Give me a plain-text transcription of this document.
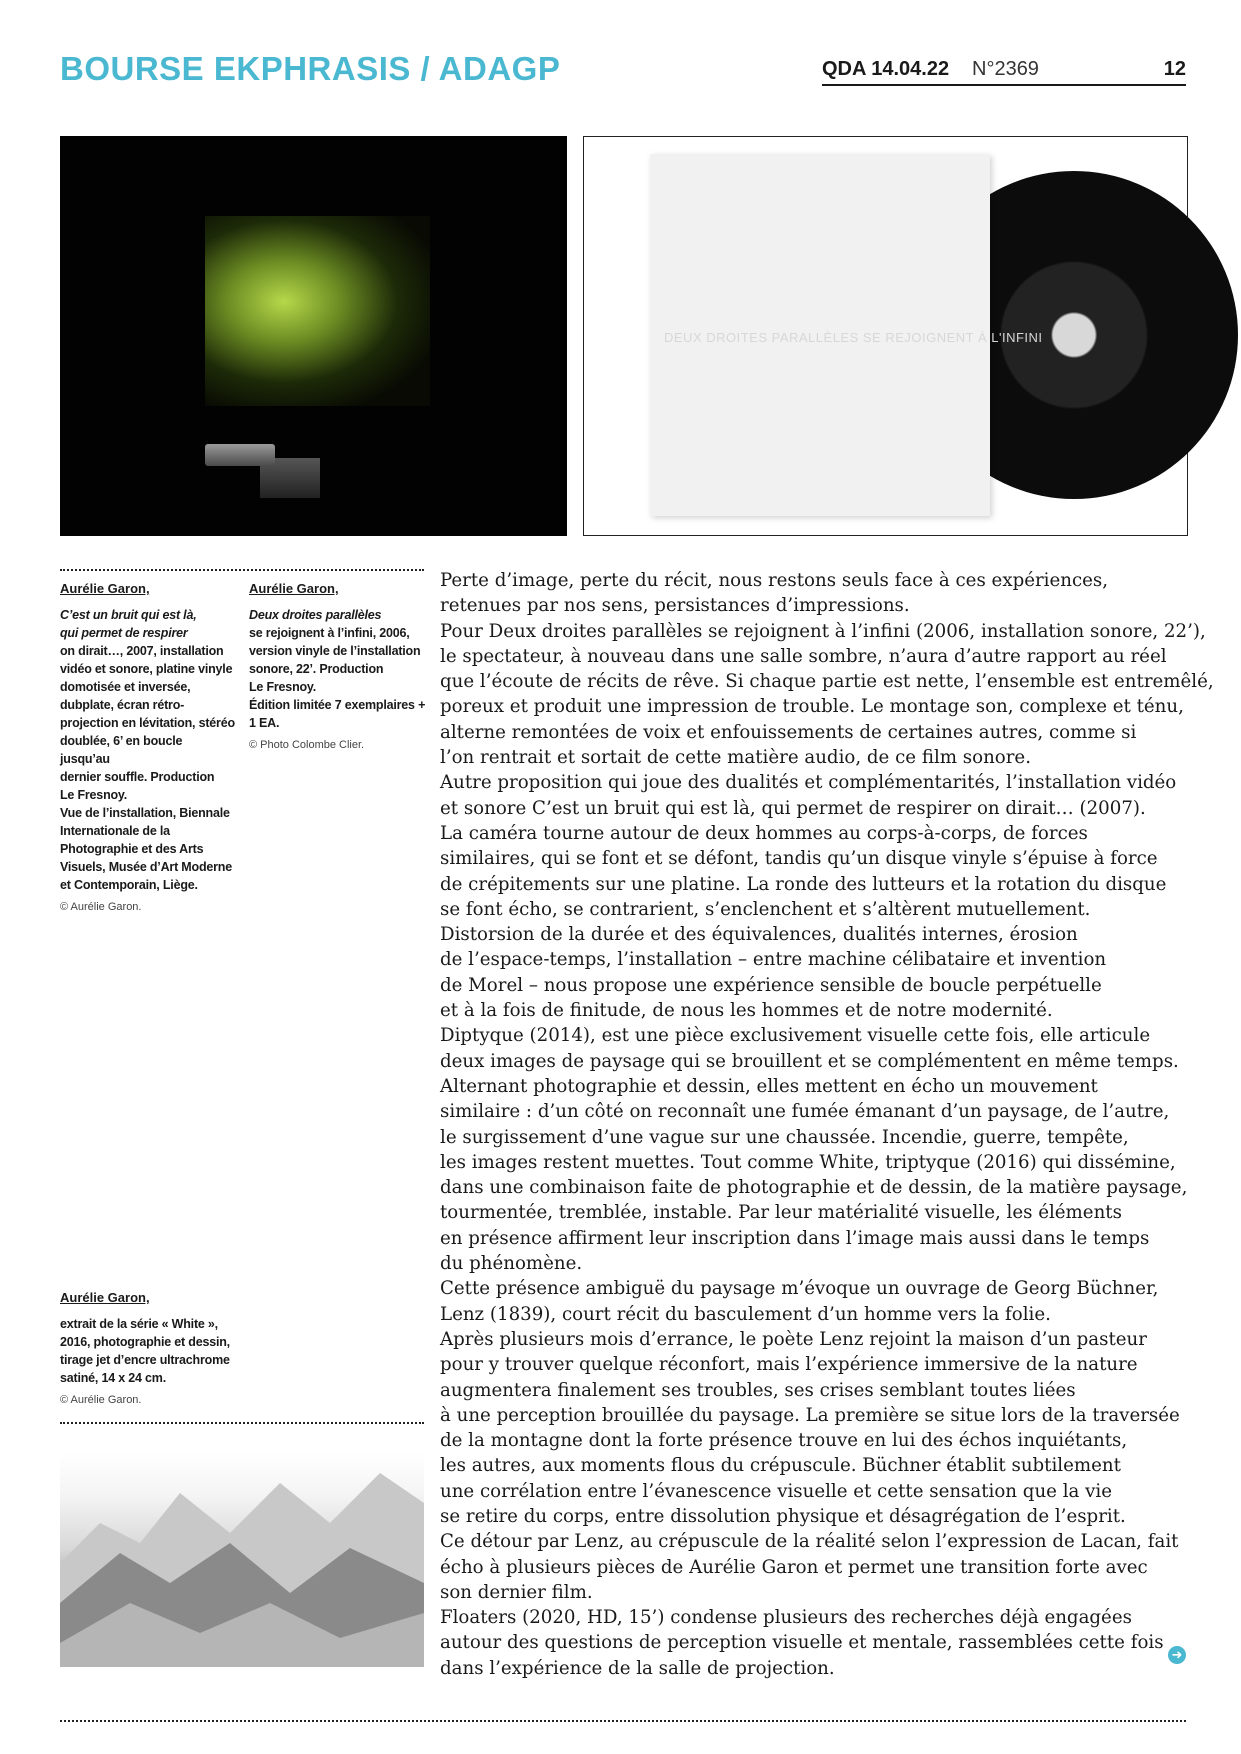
BOURSE EKPHRASIS / ADAGP	QDA 14.04.22 N°2369	12
DEUX DROITES PARALLÈLES SE REJOIGNENT À L'INFINI
Aurélie Garon,
C’est un bruit qui est là,
qui permet de respirer
on dirait…, 2007, installation
vidéo et sonore, platine vinyle
domotisée et inversée,
dubplate, écran rétro-
projection en lévitation, stéréo
doublée, 6’ en boucle jusqu’au
dernier souffle. Production
Le Fresnoy.
Vue de l’installation, Biennale
Internationale de la
Photographie et des Arts
Visuels, Musée d’Art Moderne
et Contemporain, Liège.
© Aurélie Garon.
Aurélie Garon,
Deux droites parallèles
se rejoignent à l’infini, 2006,
version vinyle de l’installation
sonore, 22’. Production
Le Fresnoy.
Édition limitée 7 exemplaires +
1 EA.
© Photo Colombe Clier.
Aurélie Garon,
extrait de la série « White »,
2016, photographie et dessin,
tirage jet d’encre ultrachrome
satiné, 14 x 24 cm.
© Aurélie Garon.

Perte d’image, perte du récit, nous restons seuls face à ces expériences,

retenues par nos sens, persistances d’impressions.

Pour Deux droites parallèles se rejoignent à l’infini (2006, installation sonore, 22’),

le spectateur, à nouveau dans une salle sombre, n’aura d’autre rapport au réel

que l’écoute de récits de rêve. Si chaque partie est nette, l’ensemble est entremêlé,

poreux et produit une impression de trouble. Le montage son, complexe et ténu,

alterne remontées de voix et enfouissements de certaines autres, comme si

l’on rentrait et sortait de cette matière audio, de ce film sonore.

Autre proposition qui joue des dualités et complémentarités, l’installation vidéo

et sonore C’est un bruit qui est là, qui permet de respirer on dirait… (2007).

La caméra tourne autour de deux hommes au corps-à-corps, de forces

similaires, qui se font et se défont, tandis qu’un disque vinyle s’épuise à force

de crépitements sur une platine. La ronde des lutteurs et la rotation du disque

se font écho, se contrarient, s’enclenchent et s’altèrent mutuellement.

Distorsion de la durée et des équivalences, dualités internes, érosion

de l’espace-temps, l’installation – entre machine célibataire et invention

de Morel – nous propose une expérience sensible de boucle perpétuelle

et à la fois de finitude, de nous les hommes et de notre modernité.

Diptyque (2014), est une pièce exclusivement visuelle cette fois, elle articule

deux images de paysage qui se brouillent et se complémentent en même temps.

Alternant photographie et dessin, elles mettent en écho un mouvement

similaire : d’un côté on reconnaît une fumée émanant d’un paysage, de l’autre,

le surgissement d’une vague sur une chaussée. Incendie, guerre, tempête,

les images restent muettes. Tout comme White, triptyque (2016) qui dissémine,

dans une combinaison faite de photographie et de dessin, de la matière paysage,

tourmentée, tremblée, instable. Par leur matérialité visuelle, les éléments

en présence affirment leur inscription dans l’image mais aussi dans le temps

du phénomène.

Cette présence ambiguë du paysage m’évoque un ouvrage de Georg Büchner,

Lenz (1839), court récit du basculement d’un homme vers la folie.

Après plusieurs mois d’errance, le poète Lenz rejoint la maison d’un pasteur

pour y trouver quelque réconfort, mais l’expérience immersive de la nature

augmentera finalement ses troubles, ses crises semblant toutes liées

à une perception brouillée du paysage. La première se situe lors de la traversée

de la montagne dont la forte présence trouve en lui des échos inquiétants,

les autres, aux moments flous du crépuscule. Büchner établit subtilement

une corrélation entre l’évanescence visuelle et cette sensation que la vie

se retire du corps, entre dissolution physique et désagrégation de l’esprit.

Ce détour par Lenz, au crépuscule de la réalité selon l’expression de Lacan, fait

écho à plusieurs pièces de Aurélie Garon et permet une transition forte avec

son dernier film.

Floaters (2020, HD, 15’) condense plusieurs des recherches déjà engagées

autour des questions de perception visuelle et mentale, rassemblées cette fois

dans l’expérience de la salle de projection.

➜
